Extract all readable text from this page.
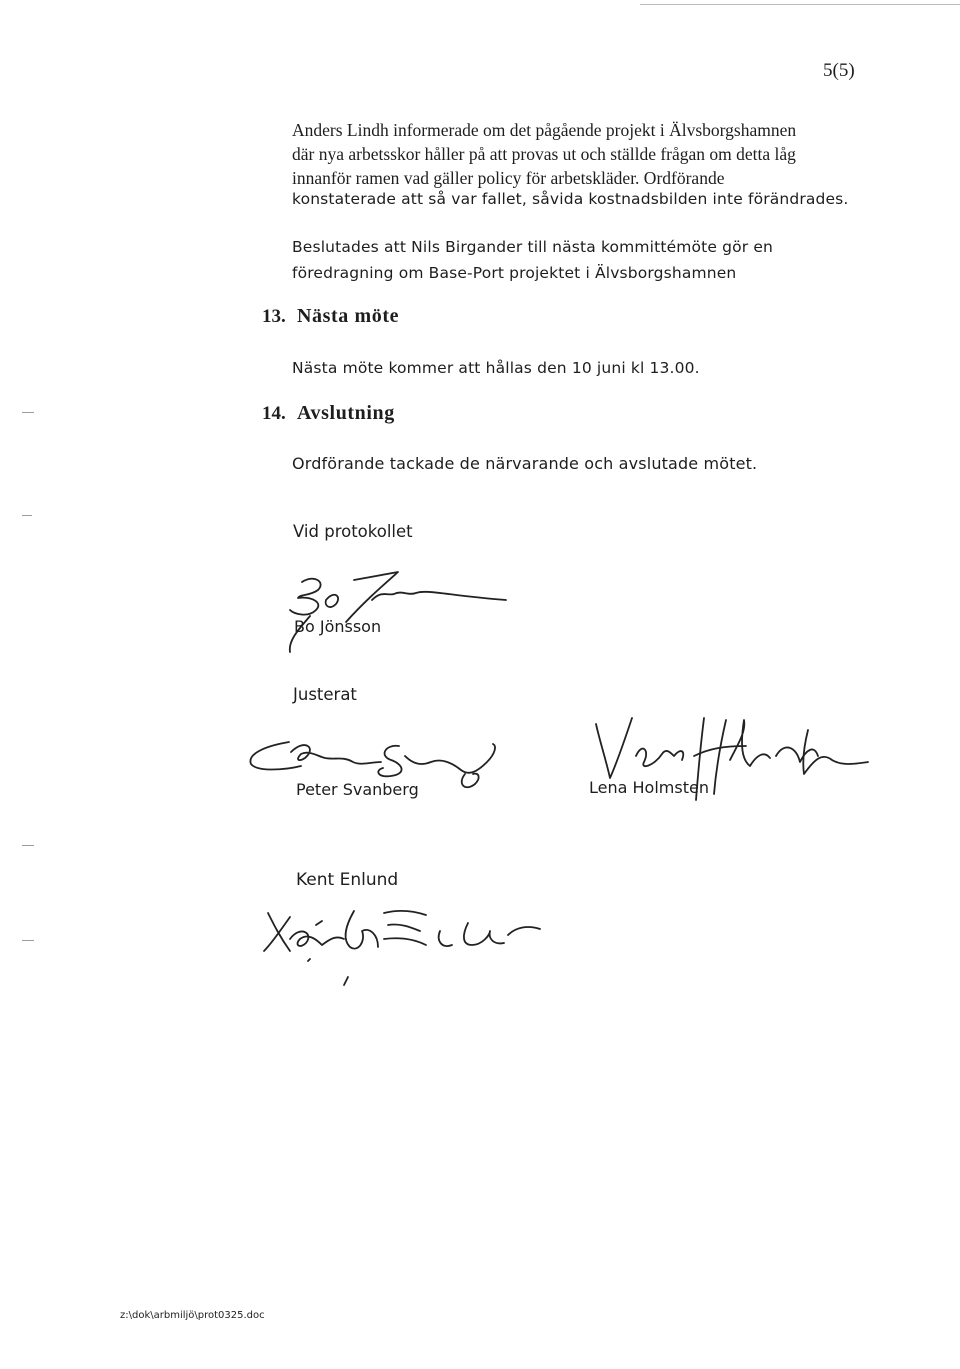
5(5)
Anders Lindh informerade om det pågående projekt i Älvsborgshamnen
där nya arbetsskor håller på att provas ut och ställde frågan om detta låg
innanför ramen vad gäller policy för arbetskläder. Ordförande
konstaterade att så var fallet, såvida kostnadsbilden inte förändrades.
Beslutades att Nils Birgander till nästa kommittémöte gör en
föredragning om Base-Port projektet i Älvsborgshamnen
13. Nästa möte
Nästa möte kommer att hållas den 10 juni kl 13.00.
14. Avslutning
Ordförande tackade de närvarande och avslutade mötet.
Vid protokollet
Bo Jönsson
Justerat
Peter Svanberg	Lena Holmsten
Kent Enlund
z:\dok\arbmiljö\prot0325.doc
